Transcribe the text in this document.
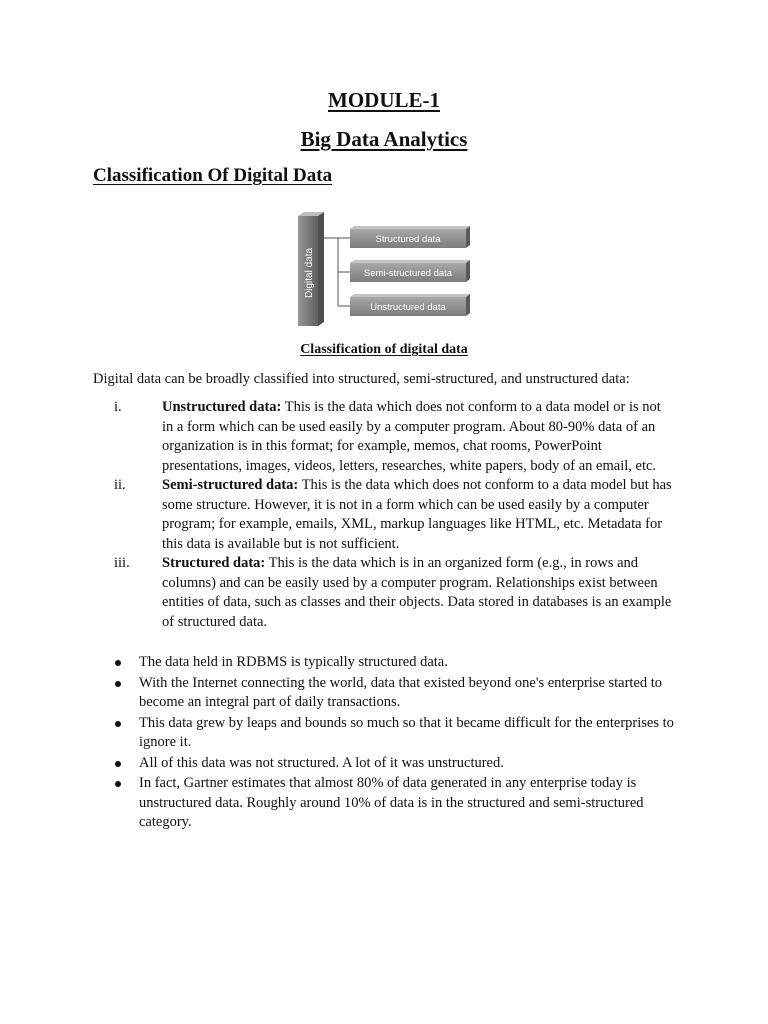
MODULE-1
Big Data Analytics
Classification Of Digital Data
Digital data
Structured data
Semi-structured data
Unstructured data

Classification of digital data

Digital data can be broadly classified into structured, semi-structured, and unstructured data:

i.	Unstructured data: This is the data which does not conform to a data model or is not in a form which can be used easily by a computer program. About 80-90% data of an organization is in this format; for example, memos, chat rooms, PowerPoint presentations, images, videos, letters, researches, white papers, body of an email, etc.
ii.	Semi-structured data: This is the data which does not conform to a data model but has some structure. However, it is not in a form which can be used easily by a computer program; for example, emails, XML, markup languages like HTML, etc. Metadata for this data is available but is not sufficient.
iii. Structured data: This is the data which is in an organized form (e.g., in rows and columns) and can be easily used by a computer program. Relationships exist between entities of data, such as classes and their objects. Data stored in databases is an example of structured data.
The data held in RDBMS is typically structured data.
With the Internet connecting the world, data that existed beyond one's enterprise started to become an integral part of daily transactions.
This data grew by leaps and bounds so much so that it became difficult for the enterprises to ignore it.
All of this data was not structured. A lot of it was unstructured.
In fact, Gartner estimates that almost 80% of data generated in any enterprise today is unstructured data. Roughly around 10% of data is in the structured and semi-structured category.
